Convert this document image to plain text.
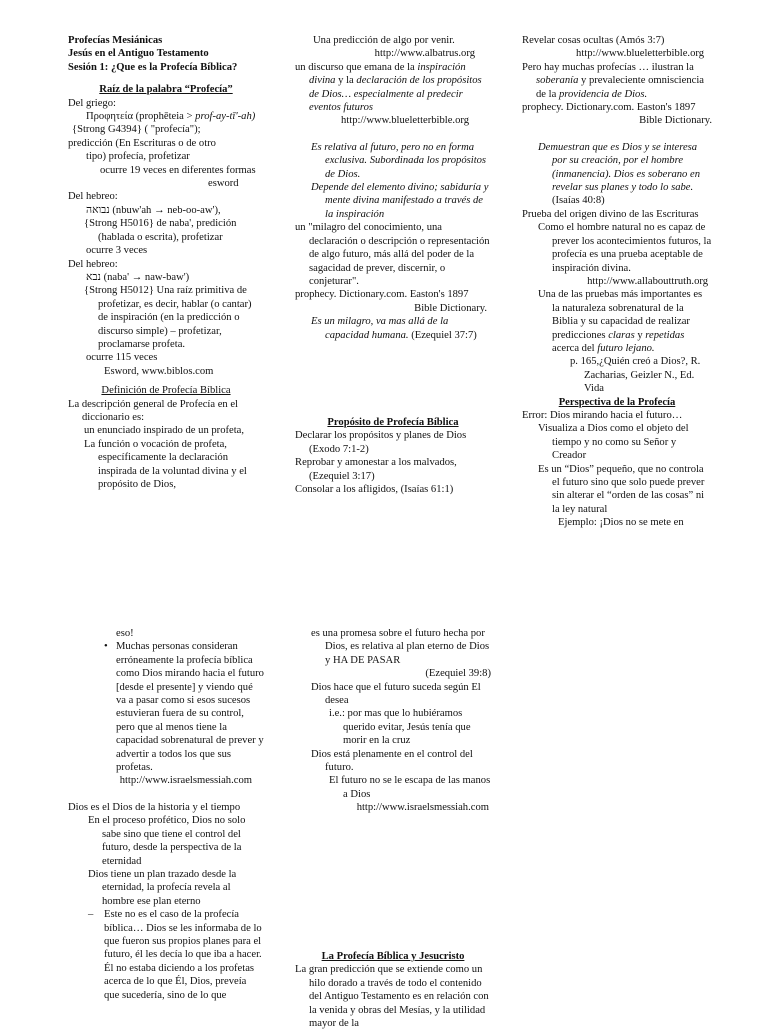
Profecías Mesiánicas

Jesús en el Antiguo Testamento

Sesión 1: ¿Que es la Profecía Bíblica?

Raíz de la palabra “Profecía”

Del griego:

Προφητεία (prophēteia > prof-ay-tī'-ah)

{Strong G4394} ( "profecía");

predicción (En Escrituras o de otro

tipo) profecía, profetizar

ocurre 19 veces en diferentes formas

esword

Del hebreo:

נבואה (nbuw'ah → neb-oo-aw'),

{Strong H5016} de naba', predición (hablada o escrita), profetizar

ocurre 3 veces

Del hebreo:

נבא (naba' → naw-baw')

{Strong H5012} Una raíz primitiva de profetizar, es decir, hablar (o cantar) de inspiración (en la predicción o discurso simple) – profetizar, proclamarse profeta.

ocurre 115 veces

Esword, www.biblos.com

Definición de Profecía Bíblica

La descripción general de Profecía en el diccionario es:

un enunciado inspirado de un profeta,

La función o vocación de profeta, específicamente la declaración inspirada de la voluntad divina y el propósito de Dios,

Una predicción de algo por venir.

http://www.albatrus.org

un discurso que emana de la inspiración divina y la declaración de los propósitos de Dios… especialmente al predecir eventos futuros

http://www.blueletterbible.org

Es relativa al futuro, pero no en forma exclusiva. Subordinada los propósitos de Dios.

Depende del elemento divino; sabiduría y mente divina manifestado a través de la inspiración

un "milagro del conocimiento, una declaración o descripción o representación de algo futuro, más allá del poder de la sagacidad de prever, discernir, o conjeturar".

prophecy. Dictionary.com. Easton's 1897

Bible Dictionary.

Es un milagro, va mas allá de la capacidad humana. (Ezequiel 37:7)

Propósito de Profecía Bíblica

Declarar los propósitos y planes de Dios (Exodo 7:1-2)

Reprobar y amonestar a los malvados, (Ezequiel 3:17)

Consolar a los afligidos, (Isaías 61:1)

Revelar cosas ocultas (Amós 3:7)

http://www.blueletterbible.org

Pero hay muchas profecías … ilustran la soberanía y prevaleciente omnisciencia de la providencia de Dios.

prophecy. Dictionary.com. Easton's 1897

Bible Dictionary.

Demuestran que es Dios y se interesa por su creación, por el hombre (inmanencia). Dios es soberano en revelar sus planes y todo lo sabe. (Isaías 40:8)

Prueba del origen divino de las Escrituras

Como el hombre natural no es capaz de prever los acontecimientos futuros, la profecía es una prueba aceptable de inspiración divina.

http://www.allabouttruth.org

Una de las pruebas más importantes es la naturaleza sobrenatural de la Biblia y su capacidad de realizar predicciones claras y repetidas acerca del futuro lejano.

p. 165,¿Quién creó a Dios?, R. Zacharias, Geizler N., Ed. Vida

Perspectiva de la Profecía

Error: Dios mirando hacia el futuro…

Visualiza a Dios como el objeto del tiempo y no como su Señor y Creador

Es un “Dios” pequeño, que no controla el futuro sino que solo puede prever sin alterar el “orden de las cosas” ni la ley natural

Ejemplo: ¡Dios no se mete en

eso!

• Muchas personas consideran erróneamente la profecía bíblica como Dios mirando hacia el futuro [desde el presente] y viendo qué va a pasar como si esos sucesos estuvieran fuera de su control, pero que al menos tiene la capacidad sobrenatural de prever y advertir a todos los que sus profetas.

http://www.israelsmessiah.com

Dios es el Dios de la historia y el tiempo

En el proceso profético, Dios no solo sabe sino que tiene el control del futuro, desde la perspectiva de la eternidad

Dios tiene un plan trazado desde la eternidad, la profecía revela al hombre ese plan eterno

– Este no es el caso de la profecía bíblica… Dios se les informaba de lo que fueron sus propios planes para el futuro, él les decía lo que iba a hacer. Él no estaba diciendo a los profetas acerca de lo que Él, Dios, preveía que sucedería, sino de lo que

es una promesa sobre el futuro hecha por Dios, es relativa al plan eterno de Dios y HA DE PASAR

(Ezequiel 39:8)

Dios hace que el futuro suceda según El desea

i.e.: por mas que lo hubiéramos querido evitar, Jesús tenía que morir en la cruz

Dios está plenamente en el control del futuro.

El futuro no se le escapa de las manos a Dios

http://www.israelsmessiah.com

La Profecía Bíblica y Jesucristo

La gran predicción que se extiende como un hilo dorado a través de todo el contenido del Antiguo Testamento es en relación con la venida y obras del Mesías, y la utilidad mayor de la
